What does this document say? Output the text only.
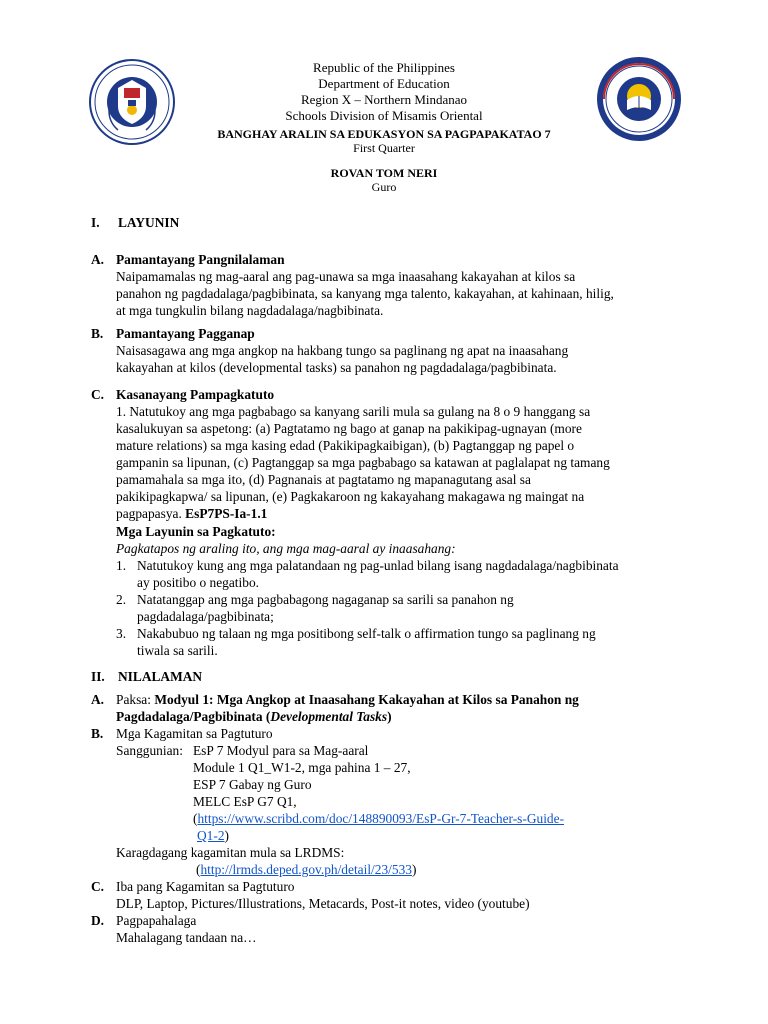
Republic of the Philippines
Department of Education
Region X – Northern Mindanao
Schools Division of Misamis Oriental
BANGHAY ARALIN SA EDUKASYON SA PAGPAPAKATAO 7
First Quarter
ROVAN TOM NERI
Guro
I. LAYUNIN
A. Pamantayang Pangnilalaman
Naipamamalas ng mag-aaral ang pag-unawa sa mga inaasahang kakayahan at kilos sa
panahon ng pagdadalaga/pagbibinata, sa kanyang mga talento, kakayahan, at kahinaan, hilig,
at mga tungkulin bilang nagdadalaga/nagbibinata.
B. Pamantayang Pagganap
Naisasagawa ang mga angkop na hakbang tungo sa paglinang ng apat na inaasahang
kakayahan at kilos (developmental tasks) sa panahon ng pagdadalaga/pagbibinata.
C. Kasanayang Pampagkatuto
1. Natutukoy ang mga pagbabago sa kanyang sarili mula sa gulang na 8 o 9 hanggang sa
kasalukuyan sa aspetong: (a) Pagtatamo ng bago at ganap na pakikipag-ugnayan (more
mature relations) sa mga kasing edad (Pakikipagkaibigan), (b) Pagtanggap ng papel o
gampanin sa lipunan, (c) Pagtanggap sa mga pagbabago sa katawan at paglalapat ng tamang
pamamahala sa mga ito, (d) Pagnanais at pagtatamo ng mapanagutang asal sa
pakikipagkapwa/ sa lipunan, (e) Pagkakaroon ng kakayahang makagawa ng maingat na
pagpapasya. EsP7PS-Ia-1.1
Mga Layunin sa Pagkatuto:
Pagkatapos ng araling ito, ang mga mag-aaral ay inaasahang:
1. Natutukoy kung ang mga palatandaan ng pag-unlad bilang isang nagdadalaga/nagbibinata
ay positibo o negatibo.
2. Natatanggap ang mga pagbabagong nagaganap sa sarili sa panahon ng
pagdadalaga/pagbibinata;
3. Nakabubuo ng talaan ng mga positibong self-talk o affirmation tungo sa paglinang ng
tiwala sa sarili.
II. NILALAMAN
A. Paksa: Modyul 1: Mga Angkop at Inaasahang Kakayahan at Kilos sa Panahon ng
Pagdadalaga/Pagbibinata (Developmental Tasks)
B. Mga Kagamitan sa Pagtuturo
Sanggunian: EsP 7 Modyul para sa Mag-aaral
Module 1 Q1_W1-2, mga pahina 1 – 27,
ESP 7 Gabay ng Guro
MELC EsP G7 Q1,
(https://www.scribd.com/doc/148890093/EsP-Gr-7-Teacher-s-Guide-
Q1-2)
Karagdagang kagamitan mula sa LRDMS:
(http://lrmds.deped.gov.ph/detail/23/533)
C. Iba pang Kagamitan sa Pagtuturo
DLP, Laptop, Pictures/Illustrations, Metacards, Post-it notes, video (youtube)
D. Pagpapahalaga
Mahalagang tandaan na…
